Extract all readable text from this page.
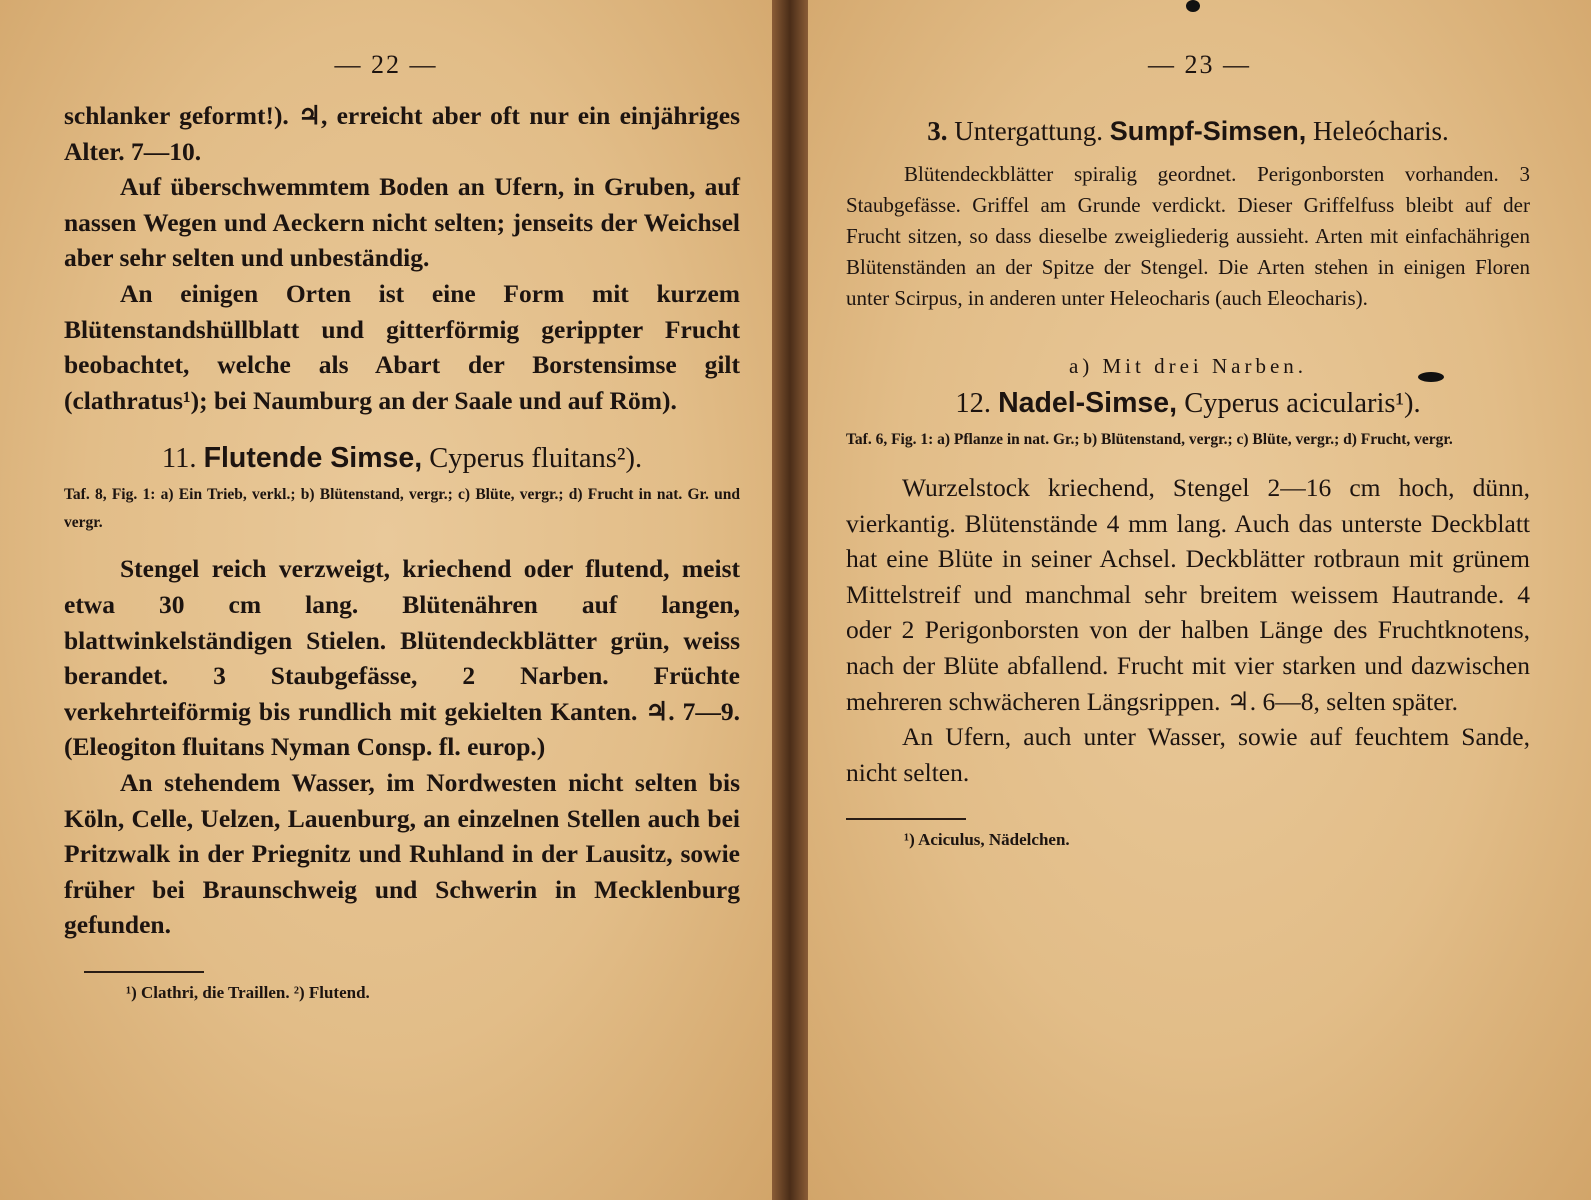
— 22 —

schlanker geformt!). ♃, erreicht aber oft nur ein einjähriges Alter. 7—10.

Auf überschwemmtem Boden an Ufern, in Gruben, auf nassen Wegen und Aeckern nicht selten; jenseits der Weichsel aber sehr selten und unbeständig.

An einigen Orten ist eine Form mit kurzem Blütenstandshüllblatt und gitterförmig gerippter Frucht beobachtet, welche als Abart der Borstensimse gilt (clathratus¹); bei Naumburg an der Saale und auf Röm).

11. Flutende Simse, Cyperus fluitans²).

Taf. 8, Fig. 1: a) Ein Trieb, verkl.; b) Blütenstand, vergr.; c) Blüte, vergr.; d) Frucht in nat. Gr. und vergr.

Stengel reich verzweigt, kriechend oder flutend, meist etwa 30 cm lang. Blütenähren auf langen, blattwinkelständigen Stielen. Blütendeckblätter grün, weiss berandet. 3 Staubgefässe, 2 Narben. Früchte verkehrteiförmig bis rundlich mit gekielten Kanten. ♃. 7—9. (Eleogiton fluitans Nyman Consp. fl. europ.)

An stehendem Wasser, im Nordwesten nicht selten bis Köln, Celle, Uelzen, Lauenburg, an einzelnen Stellen auch bei Pritzwalk in der Priegnitz und Ruhland in der Lausitz, sowie früher bei Braunschweig und Schwerin in Mecklenburg gefunden.

¹) Clathri, die Traillen. ²) Flutend.
— 23 —
3. Untergattung. Sumpf-Simsen, Heleócharis.

Blütendeckblätter spiralig geordnet. Perigonborsten vorhanden. 3 Staubgefässe. Griffel am Grunde verdickt. Dieser Griffelfuss bleibt auf der Frucht sitzen, so dass dieselbe zweigliederig aussieht. Arten mit einfachährigen Blütenständen an der Spitze der Stengel. Die Arten stehen in einigen Floren unter Scirpus, in anderen unter Heleocharis (auch Eleocharis).

a) Mit drei Narben.
12. Nadel-Simse, Cyperus acicularis¹).

Taf. 6, Fig. 1: a) Pflanze in nat. Gr.; b) Blütenstand, vergr.; c) Blüte, vergr.; d) Frucht, vergr.

Wurzelstock kriechend, Stengel 2—16 cm hoch, dünn, vierkantig. Blütenstände 4 mm lang. Auch das unterste Deckblatt hat eine Blüte in seiner Achsel. Deckblätter rotbraun mit grünem Mittelstreif und manchmal sehr breitem weissem Hautrande. 4 oder 2 Perigonborsten von der halben Länge des Fruchtknotens, nach der Blüte abfallend. Frucht mit vier starken und dazwischen mehreren schwächeren Längsrippen. ♃. 6—8, selten später.

An Ufern, auch unter Wasser, sowie auf feuchtem Sande, nicht selten.

¹) Aciculus, Nädelchen.
